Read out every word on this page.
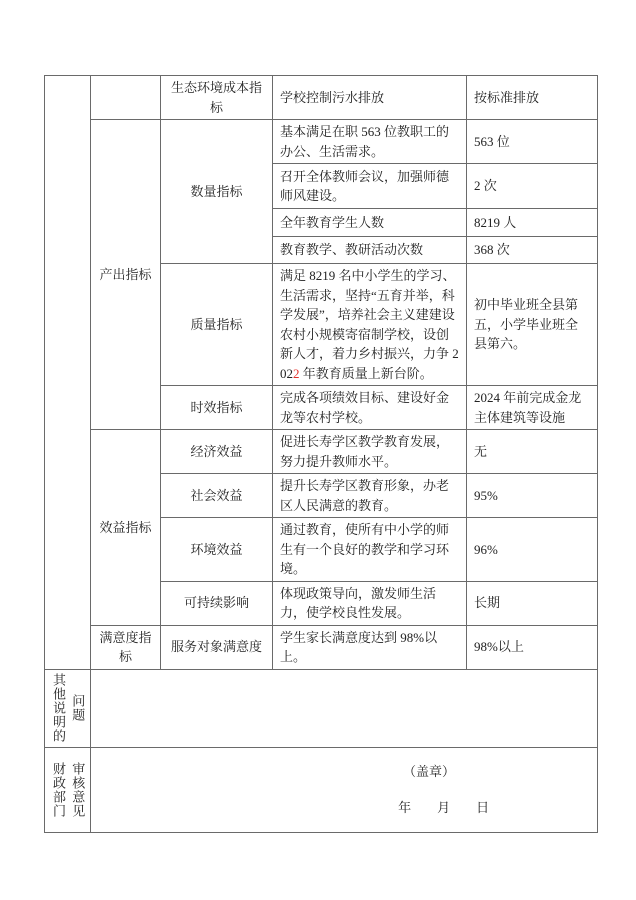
		生态环境成本指标	学校控制污水排放	按标准排放
	产出指标	数量指标	基本满足在职 563 位教职工的办公、生活需求。	563 位
			召开全体教师会议，加强师德师风建设。	2 次
			全年教育学生人数	8219 人
			教育教学、教研活动次数	368 次
		质量指标	满足 8219 名中小学生的学习、生活需求，坚持“五育并举，科学发展”，培养社会主义建建设农村小规模寄宿制学校，设创新人才，着力乡村振兴，力争 2022 年教育质量上新台阶。	初中毕业班全县第五，小学毕业班全县第六。
		时效指标	完成各项绩效目标、建设好金龙等农村学校。	2024 年前完成金龙主体建筑等设施
	效益指标	经济效益	促进长寿学区教学教育发展，努力提升教师水平。	无
		社会效益	提升长寿学区教育形象，办老区人民满意的教育。	95%
		环境效益	通过教育，使所有中小学的师生有一个良好的教学和学习环境。	96%
		可持续影响	体现政策导向，激发师生活力，使学校良性发展。	长期
	满意度指标	服务对象满意度	学生家长满意度达到 98%以上。	98%以上

其他说明的 问题				

财政部门 审核意见	（盖章）
年　　月　　日
